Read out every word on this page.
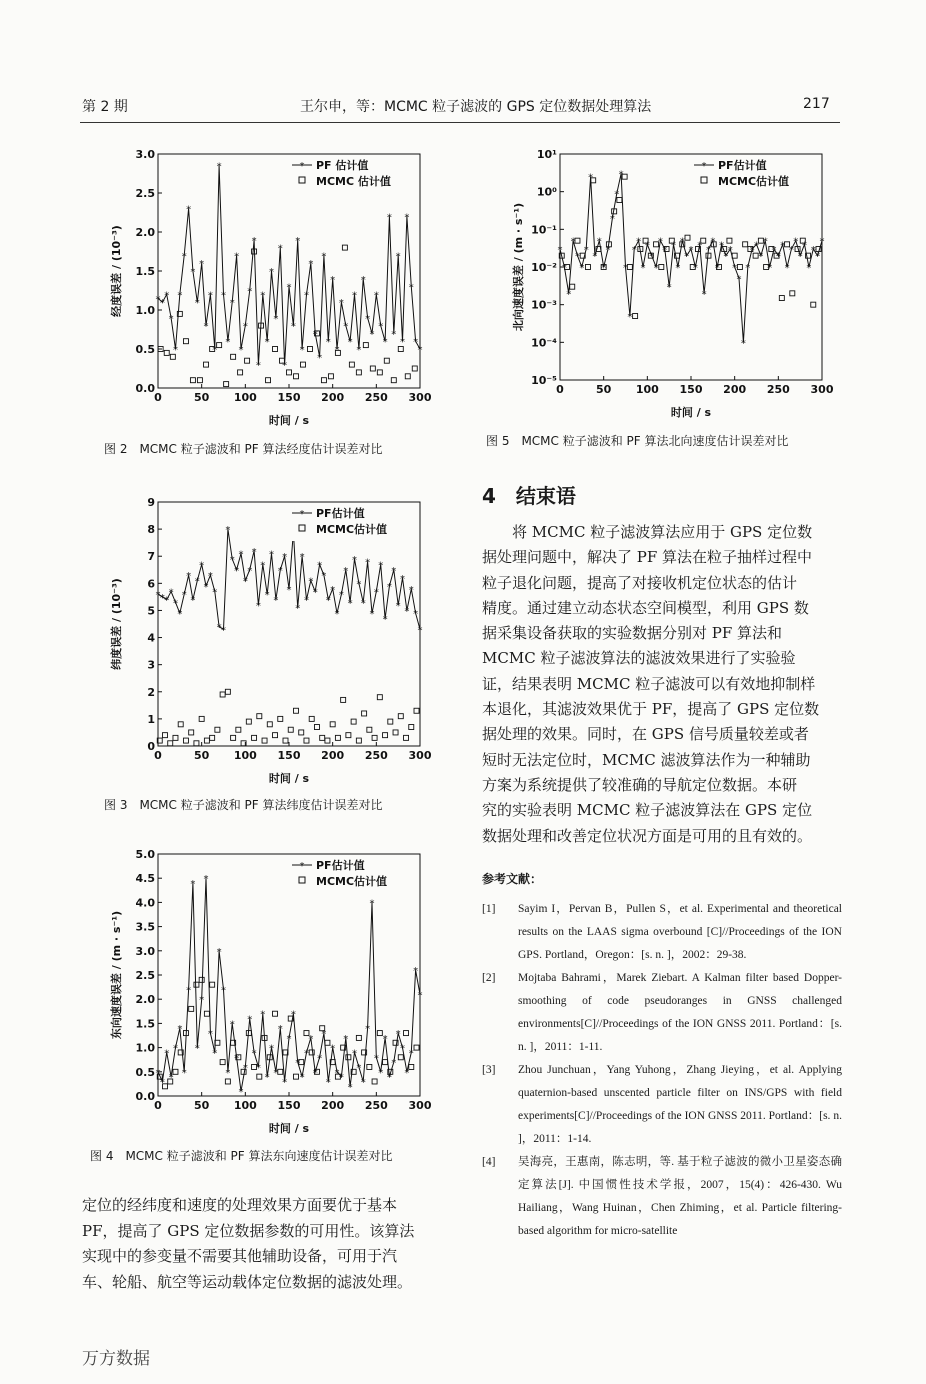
第 2 期	王尔申，等：MCMC 粒子滤波的 GPS 定位数据处理算法	217
0	50 100 150 200 250 300
0.0
0.5
1.0
1.5
2.0
2.5
3.0
时间 / s
经度误差 / (10⁻³)	* *
*
*
*
*
*
*
*
*
*
*
*
*
*
*
*
*
*
*
*
*
*
*
*
*
*
*
*
*
*
*
*
*
*
*
*
*
*
*
*
*
*
*
*
*
*
*
*
*
*
*
*
*
*
*
*
*
*
*
*
* PF 估计值
MCMC 估计值
图 2　MCMC 粒子滤波和 PF 算法经度估计误差对比
0	50 100 150 200 250 300
0
1
2
3
4
5
6
7
8
9
时间 / s
纬度误差 / (10⁻³)	* * *
*
*
*
*
*
*
*
*
*
*
*
* *
*
*
*
*
*
*
*
*
*
*
*
*
*
*
*
*
*
*
*
*
*
*
*
*
*
*
*
*
*
*
*
*
*
*
*
*
*
*
*
*
*
*
*
*
* PF估计值
MCMC估计值
图 3　MCMC 粒子滤波和 PF 算法纬度估计误差对比
0	50 100 150 200 250 300
0.0
0.5
1.0
1.5
2.0
2.5
3.0
3.5
4.0
4.5
5.0
时间 / s
东向速度误差 / (m · s⁻¹)
*
*
*
*
*
*
*
*
*
*
*
*
*
*
*
*
*
*
*
*
*
*
*
*
*
*
*
*
*
*
*
*
*
*
*
*
*
*
*
*
*
* *
*
*
*
*
*
*
*
*
*
*
*
*
*
*
*
*
*
*
* PF估计值
MCMC估计值
图 4　MCMC 粒子滤波和 PF 算法东向速度估计误差对比
0	50 100 150 200 250 300
10⁻⁵
10⁻⁴
10⁻³
10⁻²
10⁻¹
10⁰
10¹
时间 / s
北向速度误差 / (m · s⁻¹)	*
*
*
*
*
*
*
*
*
*
*
*
*
*
*
*
*
*
*
*
*
*
*
*
*
*
*
*
*
*
*
*
*
*
*
*
*
*
*
*
*
*
*
*
* *
*
*
*
*
*
*
*
*
*
*
*
*
*
*
*
* PF估计值
MCMC估计值
图 5　MCMC 粒子滤波和 PF 算法北向速度估计误差对比
4　结束语
将 MCMC 粒子滤波算法应用于 GPS 定位数
据处理问题中，解决了 PF 算法在粒子抽样过程中
粒子退化问题，提高了对接收机定位状态的估计
精度。通过建立动态状态空间模型，利用 GPS 数
据采集设备获取的实验数据分别对 PF 算法和
MCMC 粒子滤波算法的滤波效果进行了实验验
证，结果表明 MCMC 粒子滤波可以有效地抑制样
本退化，其滤波效果优于 PF，提高了 GPS 定位数
据处理的效果。同时，在 GPS 信号质量较差或者
短时无法定位时，MCMC 滤波算法作为一种辅助
方案为系统提供了较准确的导航定位数据。本研
究的实验表明 MCMC 粒子滤波算法在 GPS 定位
数据处理和改善定位状况方面是可用的且有效的。
定位的经纬度和速度的处理效果方面要优于基本
PF，提高了 GPS 定位数据参数的可用性。该算法
实现中的参变量不需要其他辅助设备，可用于汽
车、轮船、航空等运动载体定位数据的滤波处理。
参考文献：
[1]	Sayim I，Pervan B，Pullen S，et al. Experimental and theoretical results on the LAAS sigma overbound [C]//Proceedings of the ION GPS. Portland，Oregon：[s. n. ]，2002：29-38.
[2]	Mojtaba Bahrami，Marek Ziebart. A Kalman filter based Dopper-smoothing of code pseudoranges in GNSS challenged environments[C]//Proceedings of the ION GNSS 2011. Portland：[s. n. ]，2011：1-11.
[3]	Zhou Junchuan，Yang Yuhong，Zhang Jieying，et al. Applying quaternion-based unscented particle filter on INS/GPS with field experiments[C]//Proceedings of the ION GNSS 2011. Portland：[s. n. ]，2011：1-14.
[4]	吴海亮，王惠南，陈志明，等. 基于粒子滤波的微小卫星姿态确定算法[J]. 中国惯性技术学报，2007，15(4)：426-430. Wu Hailiang，Wang Huinan，Chen Zhiming，et al. Particle filtering-based algorithm for micro-satellite
万方数据
